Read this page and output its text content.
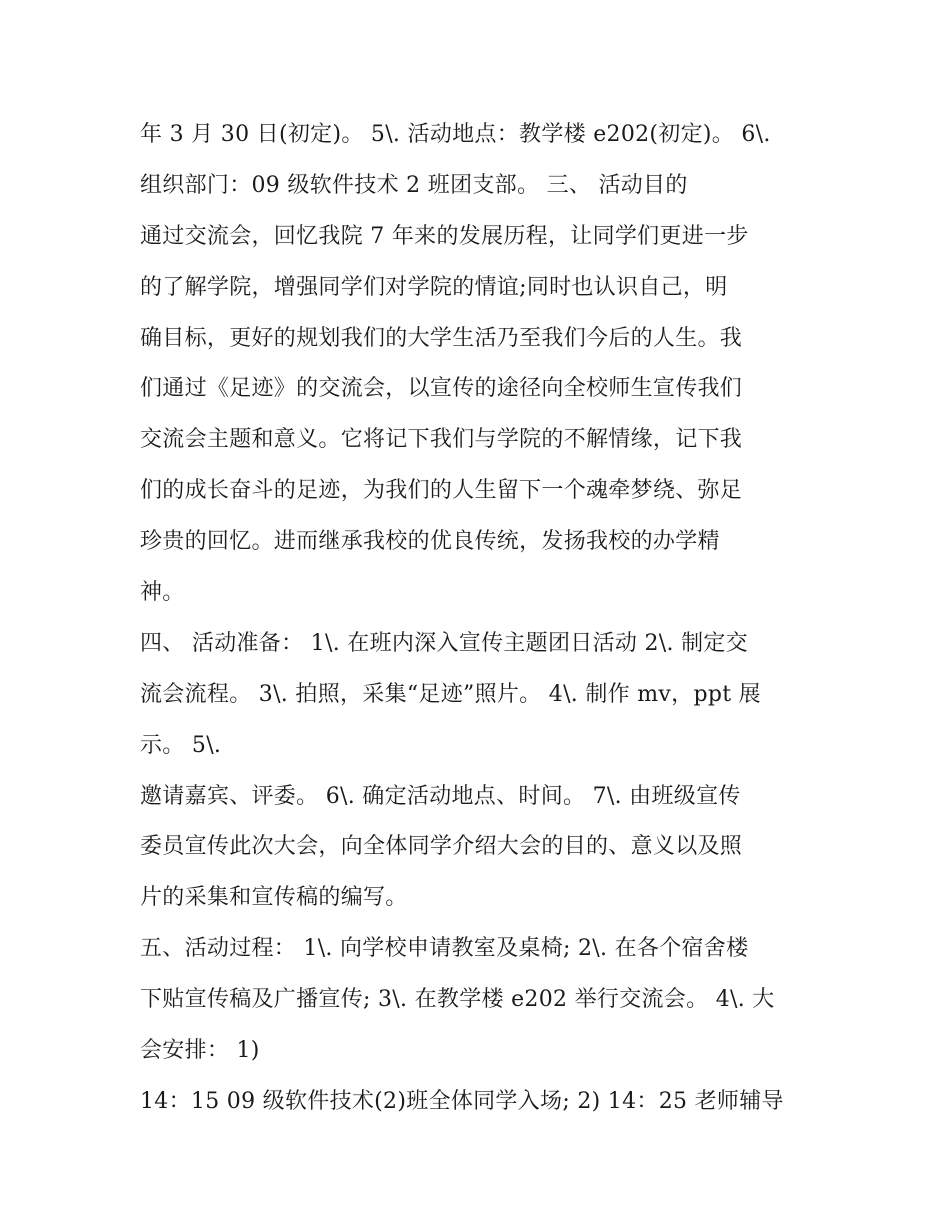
年 3 月 30 日(初定)。 5\. 活动地点：教学楼 e202(初定)。 6\.
组织部门：09 级软件技术 2 班团支部。 三、 活动目的
通过交流会，回忆我院 7 年来的发展历程，让同学们更进一步
的了解学院，增强同学们对学院的情谊;同时也认识自己，明
确目标，更好的规划我们的大学生活乃至我们今后的人生。我
们通过《足迹》的交流会，以宣传的途径向全校师生宣传我们
交流会主题和意义。它将记下我们与学院的不解情缘，记下我
们的成长奋斗的足迹，为我们的人生留下一个魂牵梦绕、弥足
珍贵的回忆。进而继承我校的优良传统，发扬我校的办学精
神。
四、 活动准备： 1\. 在班内深入宣传主题团日活动 2\. 制定交
流会流程。 3\. 拍照，采集“足迹”照片。 4\. 制作 mv，ppt 展
示。 5\.
邀请嘉宾、评委。 6\. 确定活动地点、时间。 7\. 由班级宣传
委员宣传此次大会，向全体同学介绍大会的目的、意义以及照
片的采集和宣传稿的编写。
五、活动过程： 1\. 向学校申请教室及桌椅; 2\. 在各个宿舍楼
下贴宣传稿及广播宣传; 3\. 在教学楼 e202 举行交流会。 4\. 大
会安排： 1)
14：15 09 级软件技术(2)班全体同学入场; 2) 14：25 老师辅导
